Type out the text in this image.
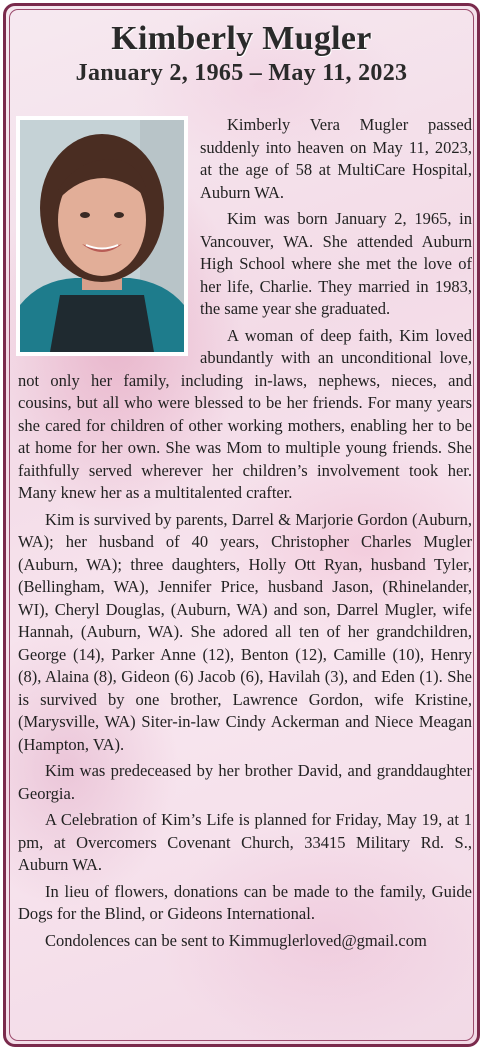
Kimberly Mugler
January 2, 1965 – May 11, 2023

Kimberly Vera Mugler passed suddenly into heaven on May 11, 2023, at the age of 58 at MultiCare Hospital, Auburn WA.

Kim was born January 2, 1965, in Vancouver, WA. She attended Auburn High School where she met the love of her life, Charlie. They married in 1983, the same year she graduated.

A woman of deep faith, Kim loved abundantly with an unconditional love, not only her family, including in-laws, nephews, nieces, and cousins, but all who were blessed to be her friends. For many years she cared for children of other working mothers, enabling her to be at home for her own. She was Mom to multiple young friends. She faithfully served wherever her children’s involvement took her. Many knew her as a multitalented crafter.

Kim is survived by parents, Darrel & Marjorie Gordon (Auburn, WA); her husband of 40 years, Christopher Charles Mugler (Auburn, WA); three daughters, Holly Ott Ryan, husband Tyler, (Bellingham, WA), Jennifer Price, husband Jason, (Rhinelander, WI), Cheryl Douglas, (Auburn, WA) and son, Darrel Mugler, wife Hannah, (Auburn, WA). She adored all ten of her grandchildren, George (14), Parker Anne (12), Benton (12), Camille (10), Henry (8), Alaina (8), Gideon (6) Jacob (6), Havilah (3), and Eden (1). She is survived by one brother, Lawrence Gordon, wife Kristine, (Marysville, WA) Siter-in-law Cindy Ackerman and Niece Meagan (Hampton, VA).

Kim was predeceased by her brother David, and granddaughter Georgia.

A Celebration of Kim’s Life is planned for Friday, May 19, at 1 pm, at Overcomers Covenant Church, 33415 Military Rd. S., Auburn WA.

In lieu of flowers, donations can be made to the family, Guide Dogs for the Blind, or Gideons International.

Condolences can be sent to Kimmuglerloved@gmail.com
